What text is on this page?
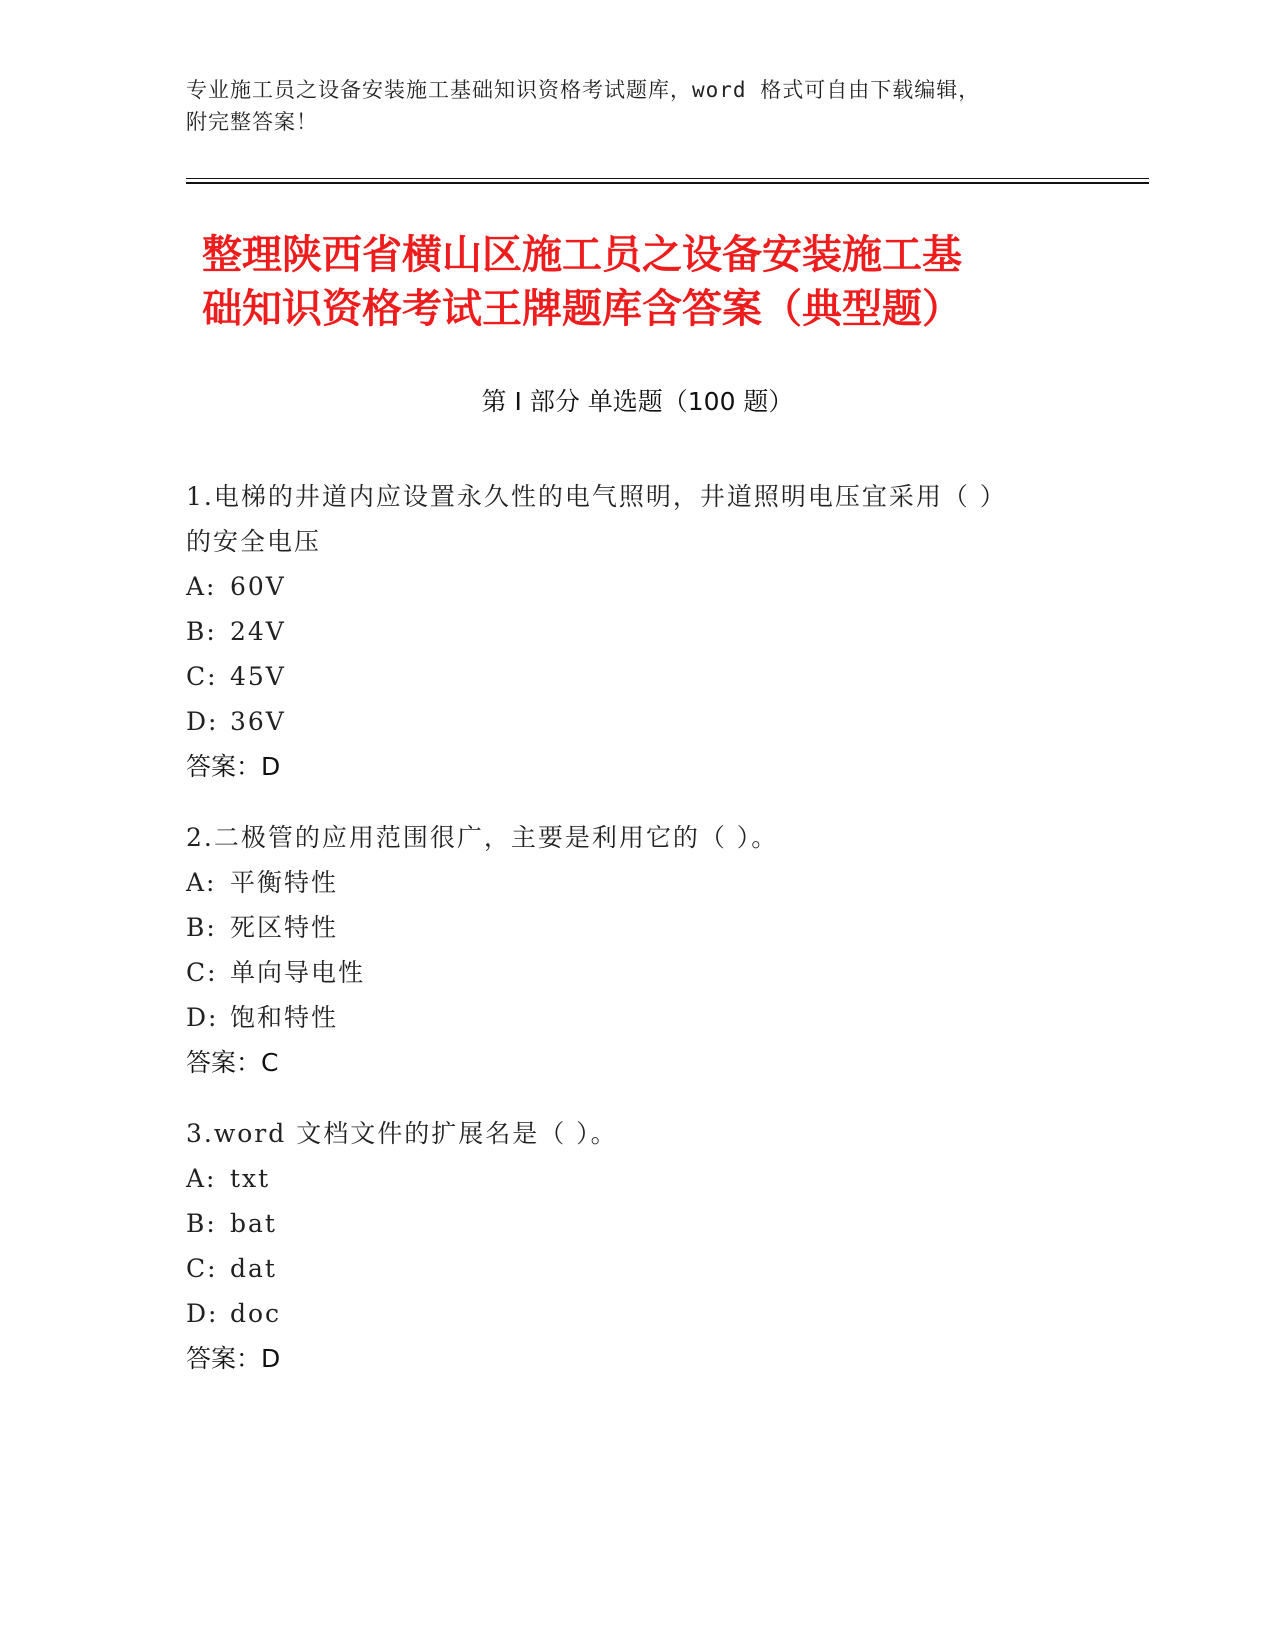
专业施工员之设备安装施工基础知识资格考试题库，word 格式可自由下载编辑，
附完整答案！
整理陕西省横山区施工员之设备安装施工基
础知识资格考试王牌题库含答案（典型题）
第 I 部分 单选题（100 题）
1.电梯的井道内应设置永久性的电气照明，井道照明电压宜采用（ ）
的安全电压
A: 60V
B: 24V
C: 45V
D: 36V
答案：D
2.二极管的应用范围很广，主要是利用它的（ ）。
A: 平衡特性
B: 死区特性
C: 单向导电性
D: 饱和特性
答案：C
3.word 文档文件的扩展名是（ ）。
A: txt
B: bat
C: dat
D: doc
答案：D
